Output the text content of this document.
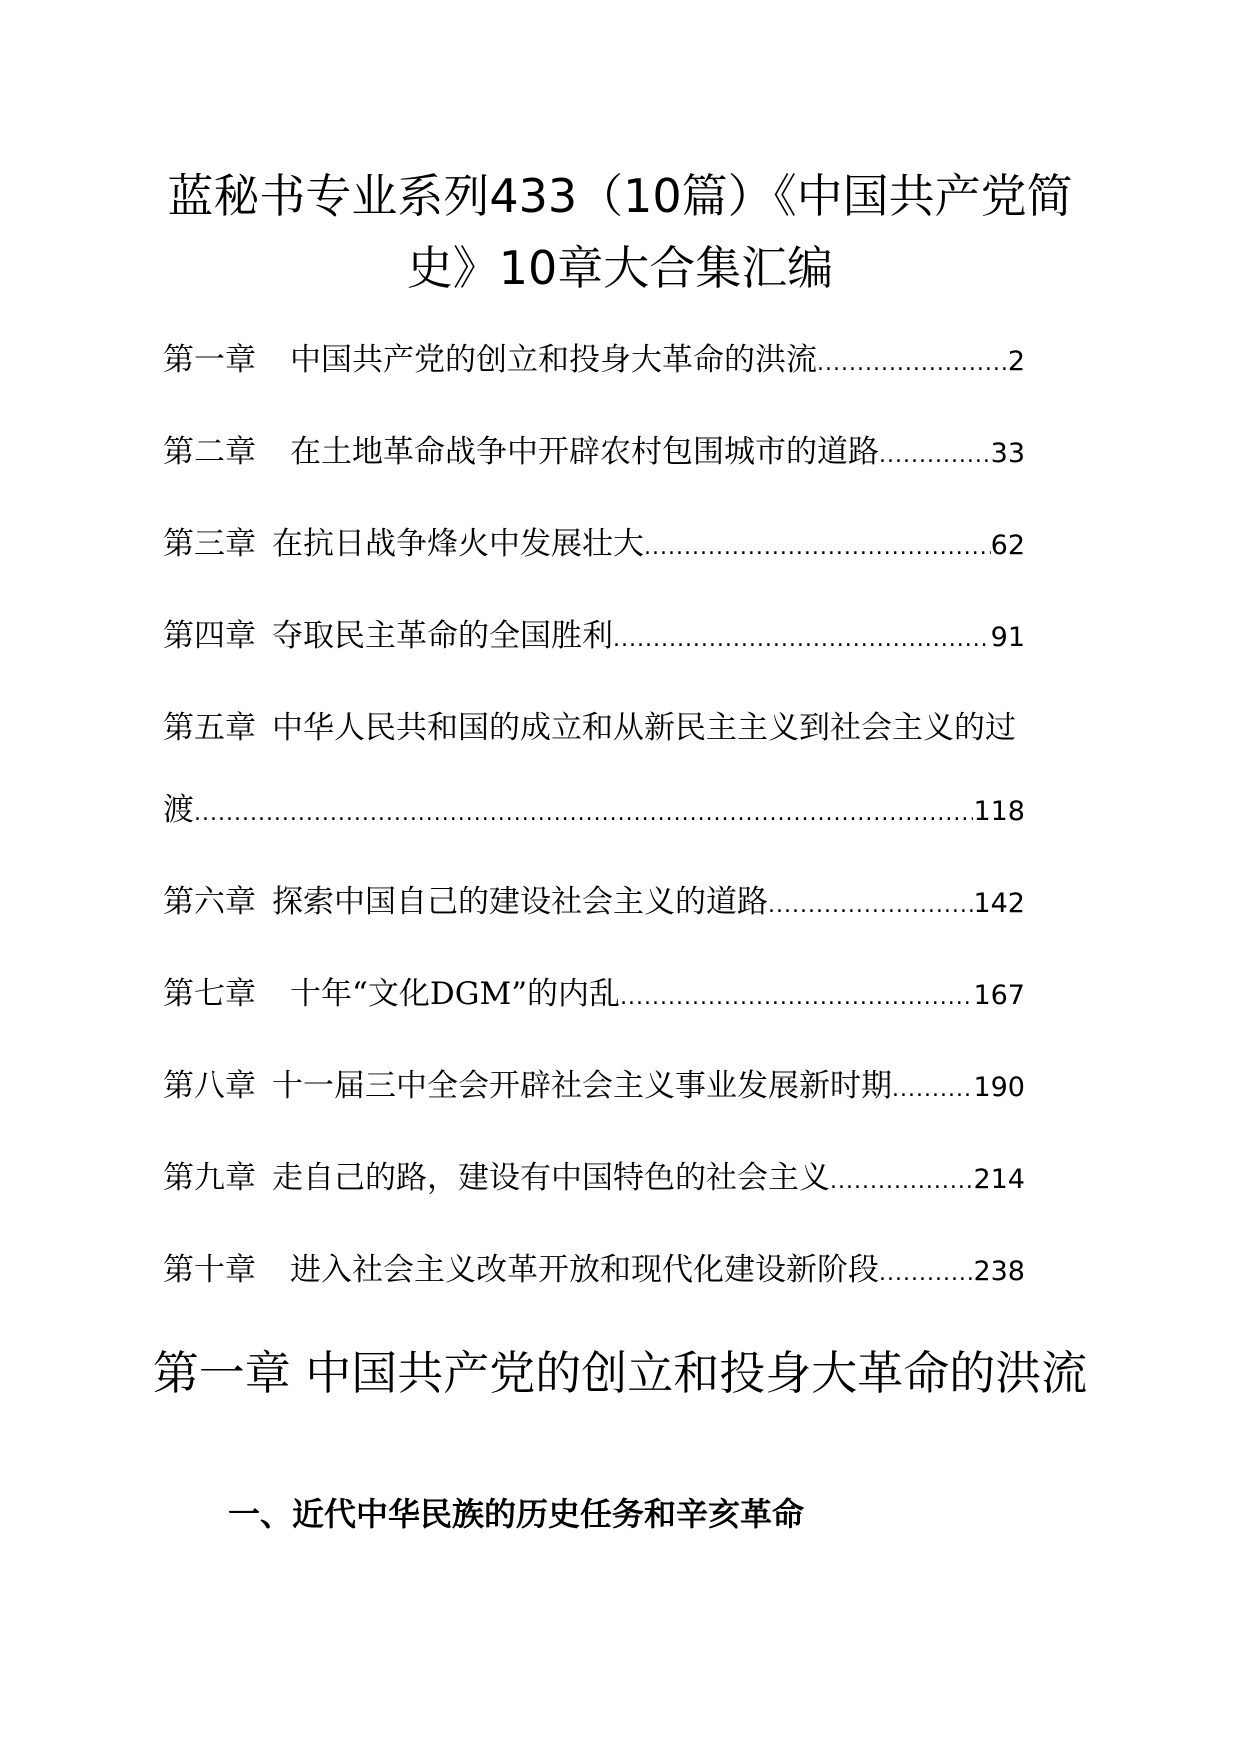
蓝秘书专业系列433（10篇）《中国共产党简史》10章大合集汇编
第一章 中国共产党的创立和投身大革命的洪流 .....	2
第二章 在土地革命战争中开辟农村包围城市的道路 .....	33
第三章 在抗日战争烽火中发展壮大 .....	62
第四章 夺取民主革命的全国胜利 .....	91
第五章 中华人民共和国的成立和从新民主主义到社会主义的过
渡 .....	118
第六章 探索中国自己的建设社会主义的道路 .....	142
第七章 十年“文化DGM”的内乱 .....	167
第八章 十一届三中全会开辟社会主义事业发展新时期 .....	190
第九章 走自己的路，建设有中国特色的社会主义 .....	214
第十章 进入社会主义改革开放和现代化建设新阶段 .....	238
第一章 中国共产党的创立和投身大革命的洪流
一、近代中华民族的历史任务和辛亥革命
